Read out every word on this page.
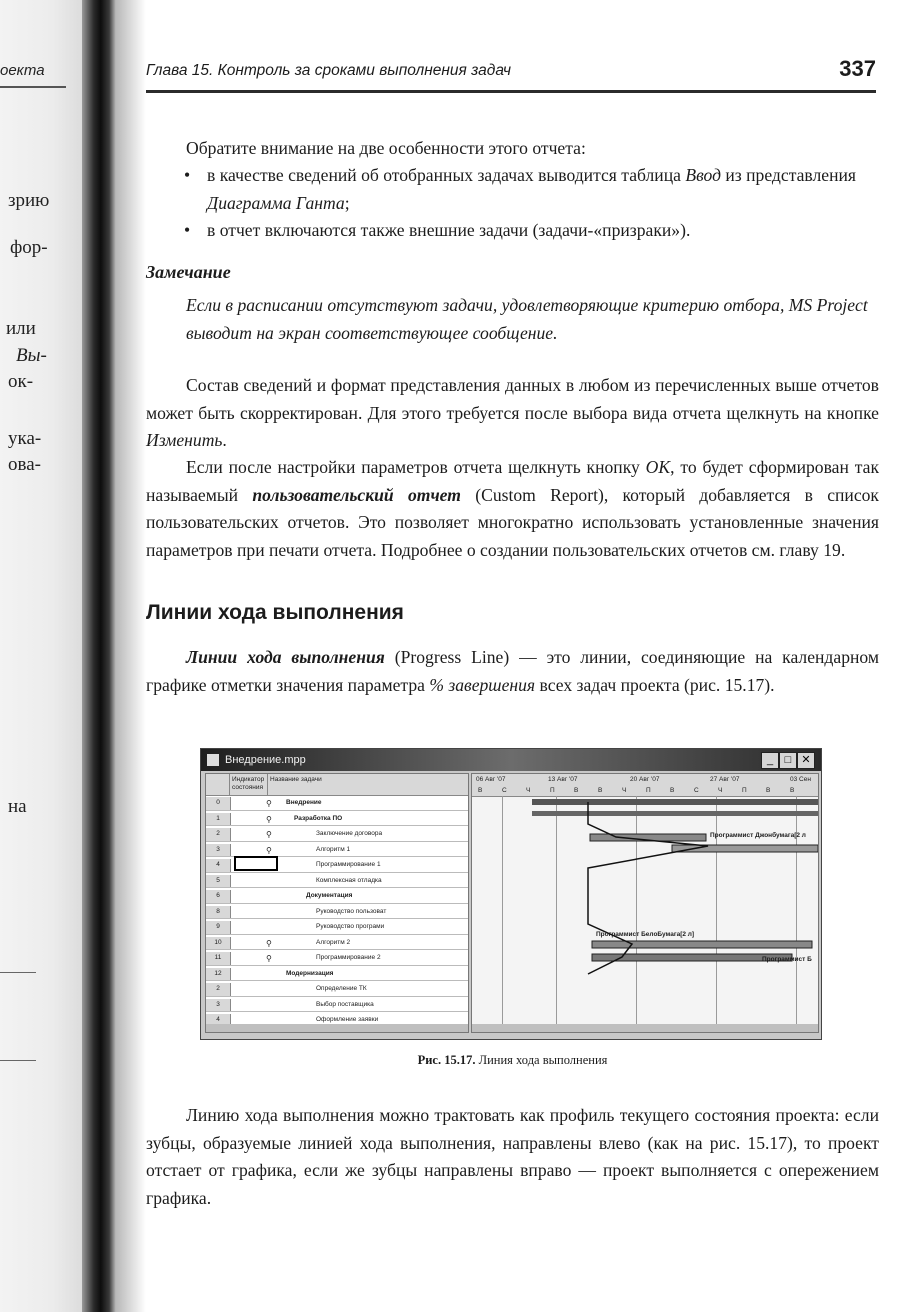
оекта
зрию
фор-
или
Вы-
ок-
ука-
ова-
на
Глава 15. Контроль за сроками выполнения задач	337
Обратите внимание на две особенности этого отчета:
• в качестве сведений об отобранных задачах выводится таблица Ввод из представления Диаграмма Ганта;
• в отчет включаются также внешние задачи (задачи-«призраки»).
Замечание
Если в расписании отсутствуют задачи, удовлетворяющие критерию отбора, MS Project выводит на экран соответствующее сообщение.
Состав сведений и формат представления данных в любом из перечисленных выше отчетов может быть скорректирован. Для этого требуется после выбора вида отчета щелкнуть на кнопке Изменить.
Если после настройки параметров отчета щелкнуть кнопку OK, то будет сформирован так называемый пользовательский отчет (Custom Report), который добавляется в список пользовательских отчетов. Это позволяет многократно использовать установленные значения параметров при печати отчета. Подробнее о создании пользовательских отчетов см. главу 19.
Линии хода выполнения
Линии хода выполнения (Progress Line) — это линии, соединяющие на календарном графике отметки значения параметра % завершения всех задач проекта (рис. 15.17).
Внедрение.mpp	_	□ ✕
Индикатор состояния
Название задачи
0	⚲ Внедрение
1	⚲	Разработка ПО
2	⚲	Заключение договора
3	⚲	Алгоритм 1
4	Программирование 1
5	Комплексная отладка
6	Документация
8	Руководство пользоват
9	Руководство програми
10	⚲	Алгоритм 2
11	⚲	Программирование 2
12	Модернизация
2	Определение ТК
3	Выбор поставщика
4	Оформление заявки
06 Авг '07	13 Авг '07	20 Авг '07	27 Авг '07	03 Сен
В	С	Ч	П	В	В	Ч	П	В	С	Ч	П	В	В
Программист Джонбумага[2 л
Программист БелоБумага[2 л]
Программист Б
Рис. 15.17. Линия хода выполнения
Линию хода выполнения можно трактовать как профиль текущего состояния проекта: если зубцы, образуемые линией хода выполнения, направлены влево (как на рис. 15.17), то проект отстает от графика, если же зубцы направлены вправо — проект выполняется с опережением графика.
